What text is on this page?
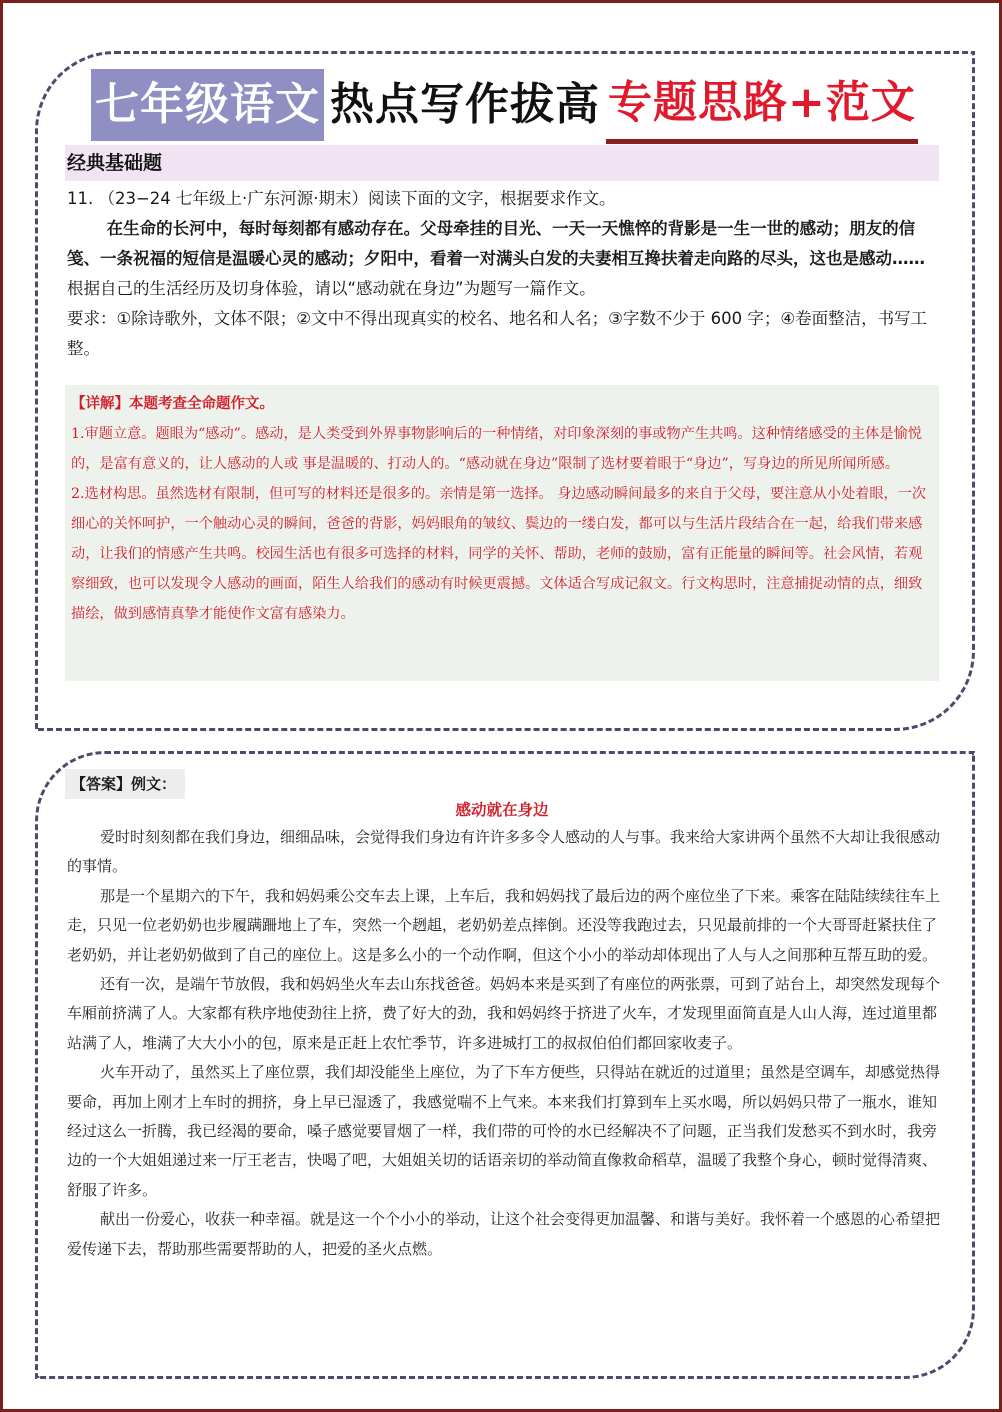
七年级语文 热点写作拔高 专题思路+范文
经典基础题

11. （23−24 七年级上·广东河源·期末）阅读下面的文字，根据要求作文。

在生命的长河中，每时每刻都有感动存在。父母牵挂的目光、一天一天憔悴的背影是一生一世的感动；朋友的信笺、一条祝福的短信是温暖心灵的感动；夕阳中，看着一对满头白发的夫妻相互搀扶着走向路的尽头，这也是感动……

根据自己的生活经历及切身体验，请以“感动就在身边”为题写一篇作文。

要求：①除诗歌外，文体不限；②文中不得出现真实的校名、地名和人名；③字数不少于 600 字；④卷面整洁，书写工整。

【详解】本题考查全命题作文。

1.审题立意。题眼为“感动”。感动，是人类受到外界事物影响后的一种情绪，对印象深刻的事或物产生共鸣。这种情绪感受的主体是愉悦的，是富有意义的，让人感动的人或 事是温暖的、打动人的。“感动就在身边”限制了选材要着眼于“身边”，写身边的所见所闻所感。

2.选材构思。虽然选材有限制，但可写的材料还是很多的。亲情是第一选择。 身边感动瞬间最多的来自于父母，要注意从小处着眼，一次细心的关怀呵护，一个触动心灵的瞬间，爸爸的背影，妈妈眼角的皱纹、鬓边的一缕白发，都可以与生活片段结合在一起，给我们带来感动，让我们的情感产生共鸣。校园生活也有很多可选择的材料，同学的关怀、帮助，老师的鼓励，富有正能量的瞬间等。社会风情，若观察细致，也可以发现令人感动的画面，陌生人给我们的感动有时候更震撼。文体适合写成记叙文。行文构思时，注意捕捉动情的点，细致描绘，做到感情真挚才能使作文富有感染力。

【答案】例文：
感动就在身边

爱时时刻刻都在我们身边，细细品味，会觉得我们身边有许许多多令人感动的人与事。我来给大家讲两个虽然不大却让我很感动的事情。

那是一个星期六的下午，我和妈妈乘公交车去上课，上车后，我和妈妈找了最后边的两个座位坐了下来。乘客在陆陆续续往车上走，只见一位老奶奶也步履蹒跚地上了车，突然一个趔趄，老奶奶差点摔倒。还没等我跑过去，只见最前排的一个大哥哥赶紧扶住了老奶奶，并让老奶奶做到了自己的座位上。这是多么小的一个动作啊，但这个小小的举动却体现出了人与人之间那种互帮互助的爱。

还有一次，是端午节放假，我和妈妈坐火车去山东找爸爸。妈妈本来是买到了有座位的两张票，可到了站台上，却突然发现每个车厢前挤满了人。大家都有秩序地使劲往上挤，费了好大的劲，我和妈妈终于挤进了火车，才发现里面简直是人山人海，连过道里都站满了人，堆满了大大小小的包，原来是正赶上农忙季节，许多进城打工的叔叔伯伯们都回家收麦子。

火车开动了，虽然买上了座位票，我们却没能坐上座位，为了下车方便些，只得站在就近的过道里；虽然是空调车，却感觉热得要命，再加上刚才上车时的拥挤，身上早已湿透了，我感觉喘不上气来。本来我们打算到车上买水喝，所以妈妈只带了一瓶水，谁知经过这么一折腾，我已经渴的要命，嗓子感觉要冒烟了一样，我们带的可怜的水已经解决不了问题，正当我们发愁买不到水时，我旁边的一个大姐姐递过来一厅王老吉，快喝了吧，大姐姐关切的话语亲切的举动简直像救命稻草，温暖了我整个身心，顿时觉得清爽、舒服了许多。

献出一份爱心，收获一种幸福。就是这一个个小小的举动，让这个社会变得更加温馨、和谐与美好。我怀着一个感恩的心希望把爱传递下去，帮助那些需要帮助的人，把爱的圣火点燃。
